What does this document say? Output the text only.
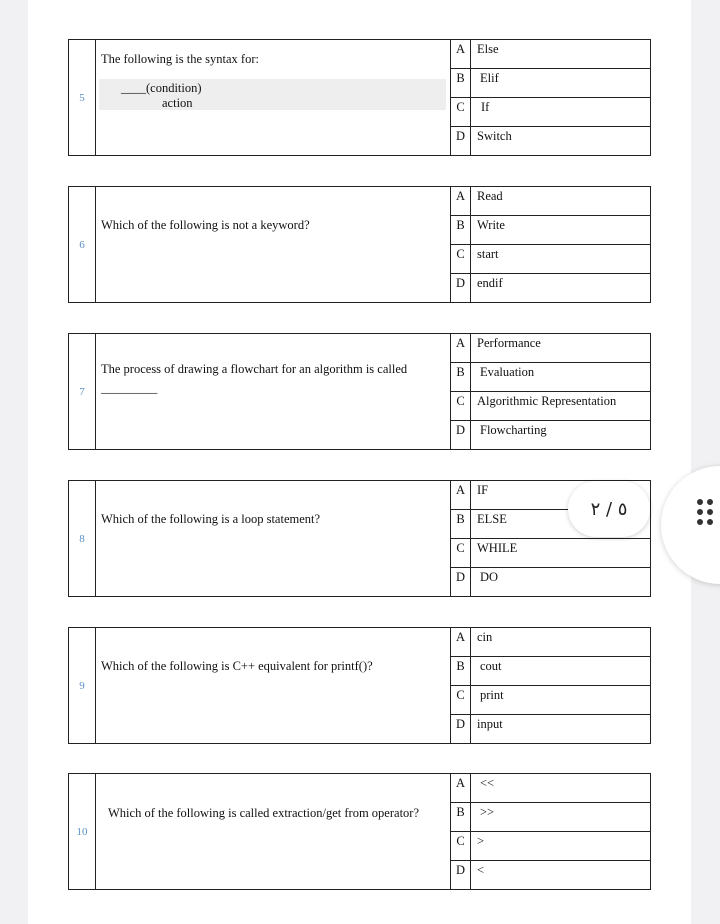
5
The following is the syntax for:
____(condition)
action
A Else
B	Elif
C	If
D Switch
6
Which of the following is not a keyword?
A Read
B Write
C start
D endif
7
The process of drawing a flowchart for an algorithm is called
_________
A Performance
B	Evaluation
C Algorithmic Representation
D	Flowcharting
8
Which of the following is a loop statement?
A IF
B ELSE
C WHILE
D	DO
9
Which of the following is C++ equivalent for printf()?
A cin
B	cout
C	print
D input
10
Which of the following is called extraction/get from operator?
A	<<
B	>>
C >
D <
٥ / ٢
